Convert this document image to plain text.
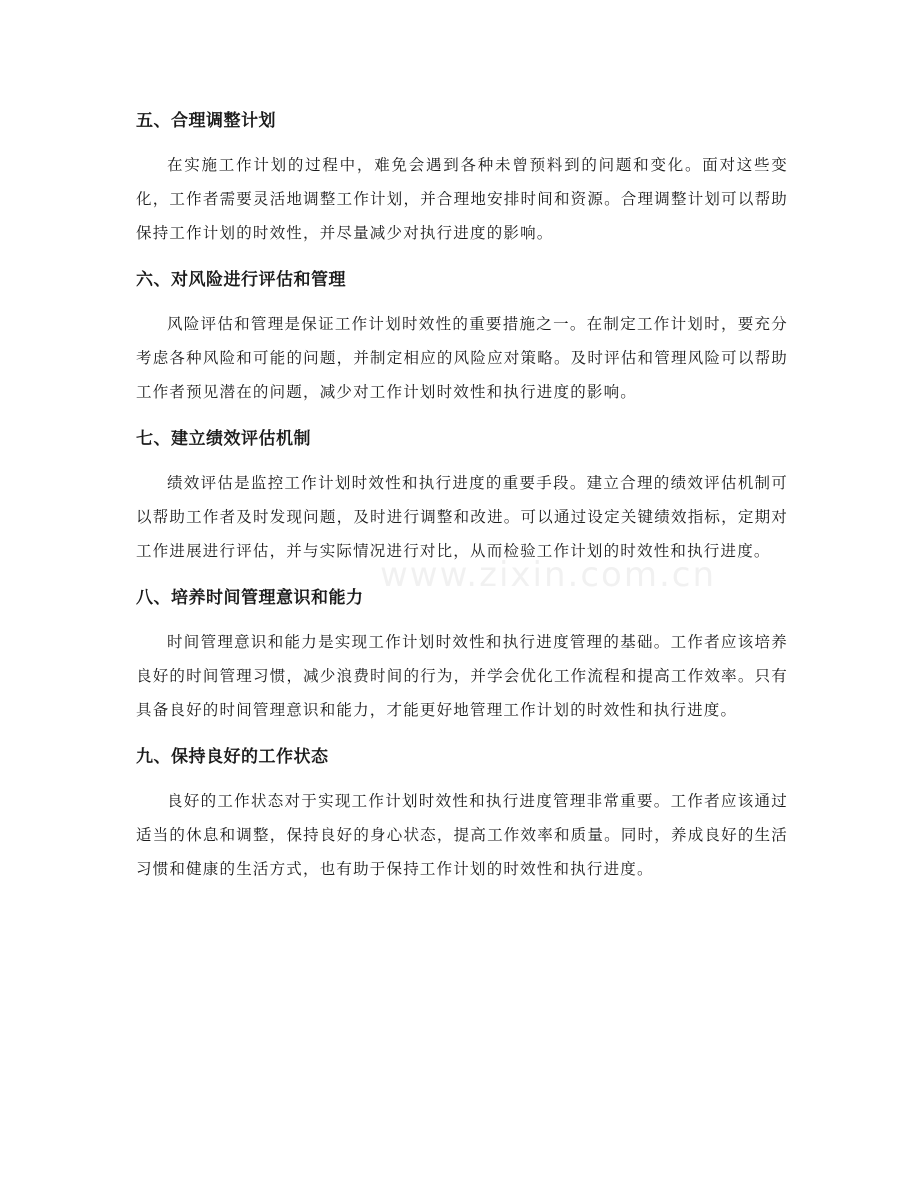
www.zixin.com.cn
五、合理调整计划

在实施工作计划的过程中，难免会遇到各种未曾预料到的问题和变化。面对这些变化，工作者需要灵活地调整工作计划，并合理地安排时间和资源。合理调整计划可以帮助保持工作计划的时效性，并尽量减少对执行进度的影响。

六、对风险进行评估和管理

风险评估和管理是保证工作计划时效性的重要措施之一。在制定工作计划时，要充分考虑各种风险和可能的问题，并制定相应的风险应对策略。及时评估和管理风险可以帮助工作者预见潜在的问题，减少对工作计划时效性和执行进度的影响。

七、建立绩效评估机制

绩效评估是监控工作计划时效性和执行进度的重要手段。建立合理的绩效评估机制可以帮助工作者及时发现问题，及时进行调整和改进。可以通过设定关键绩效指标，定期对工作进展进行评估，并与实际情况进行对比，从而检验工作计划的时效性和执行进度。

八、培养时间管理意识和能力

时间管理意识和能力是实现工作计划时效性和执行进度管理的基础。工作者应该培养良好的时间管理习惯，减少浪费时间的行为，并学会优化工作流程和提高工作效率。只有具备良好的时间管理意识和能力，才能更好地管理工作计划的时效性和执行进度。

九、保持良好的工作状态

良好的工作状态对于实现工作计划时效性和执行进度管理非常重要。工作者应该通过适当的休息和调整，保持良好的身心状态，提高工作效率和质量。同时，养成良好的生活习惯和健康的生活方式，也有助于保持工作计划的时效性和执行进度。
